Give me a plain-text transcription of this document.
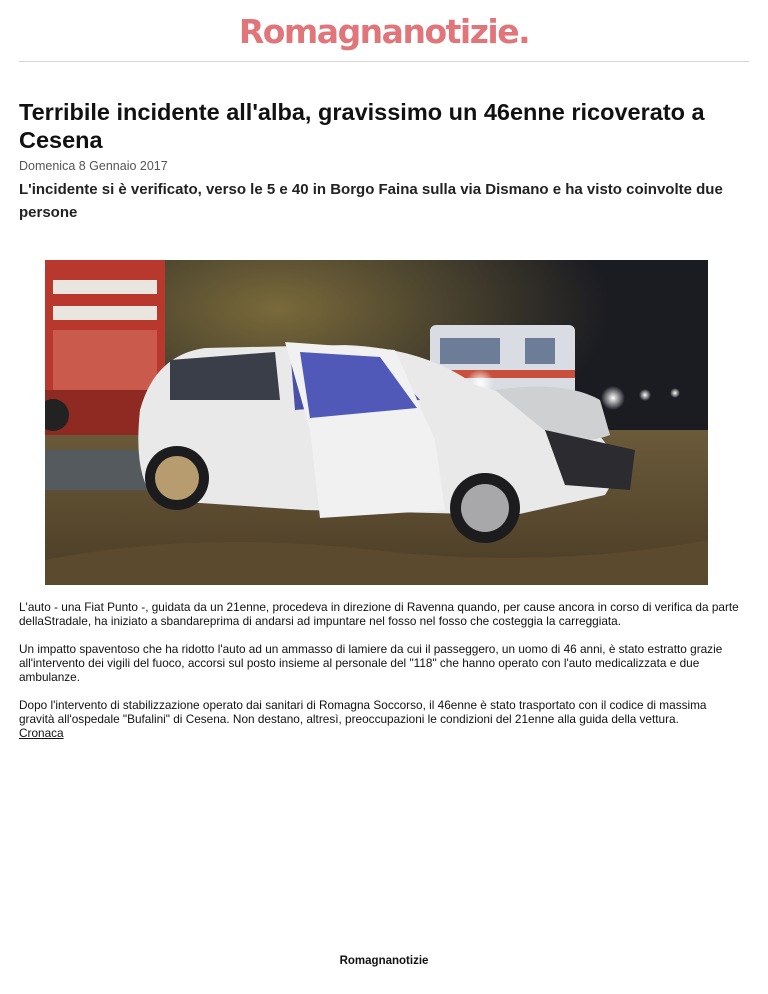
Romagnanotizie.
Terribile incidente all'alba, gravissimo un 46enne ricoverato a Cesena
Domenica 8 Gennaio 2017
L'incidente si è verificato, verso le 5 e 40 in Borgo Faina sulla via Dismano e ha visto coinvolte due persone

L'auto - una Fiat Punto -, guidata da un 21enne, procedeva in direzione di Ravenna quando, per cause ancora in corso di verifica da parte dellaStradale, ha iniziato a sbandareprima di andarsi ad impuntare nel fosso nel fosso che costeggia la carreggiata.

Un impatto spaventoso che ha ridotto l'auto ad un ammasso di lamiere da cui il passeggero, un uomo di 46 anni, è stato estratto grazie all'intervento dei vigili del fuoco, accorsi sul posto insieme al personale del "118" che hanno operato con l'auto medicalizzata e due ambulanze.

Dopo l'intervento di stabilizzazione operato dai sanitari di Romagna Soccorso, il 46enne è stato trasportato con il codice di massima gravità all'ospedale "Bufalini" di Cesena. Non destano, altresì, preoccupazioni le condizioni del 21enne alla guida della vettura.

Cronaca
Romagnanotizie
